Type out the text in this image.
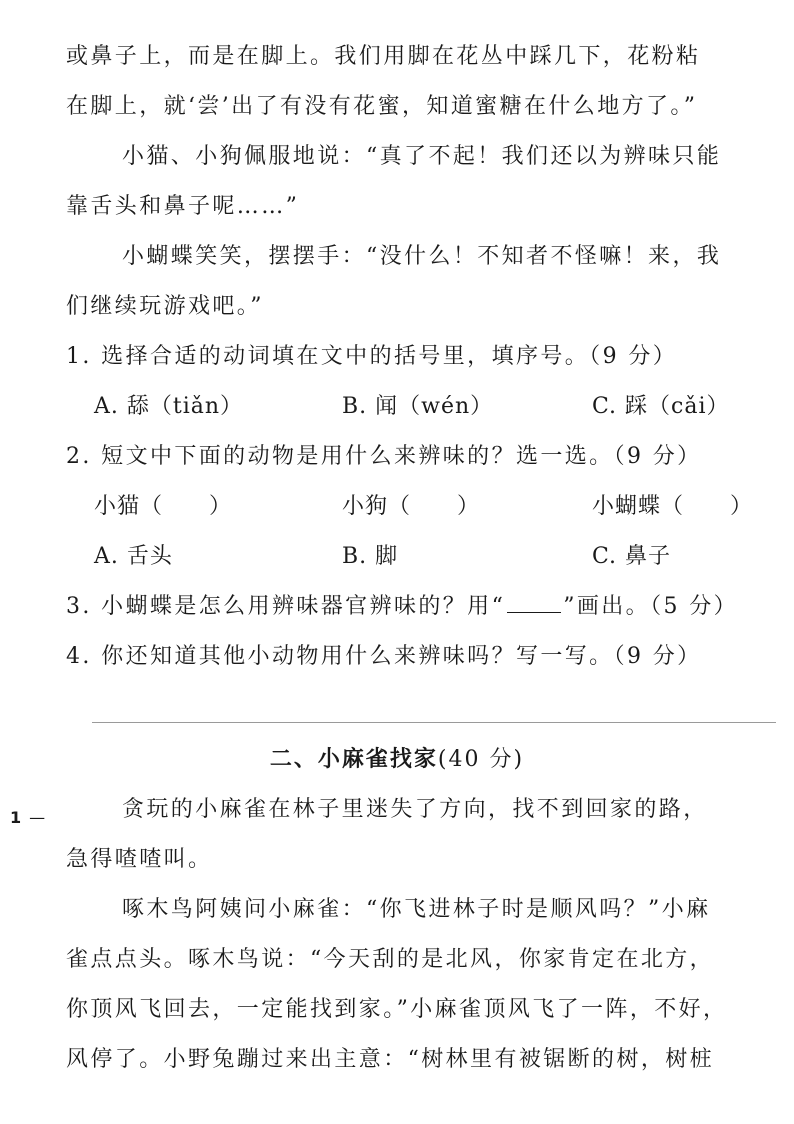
或鼻子上，而是在脚上。我们用脚在花丛中踩几下，花粉粘
在脚上，就‘尝’出了有没有花蜜，知道蜜糖在什么地方了。”
小猫、小狗佩服地说：“真了不起！我们还以为辨味只能
靠舌头和鼻子呢……”
小蝴蝶笑笑，摆摆手：“没什么！不知者不怪嘛！来，我
们继续玩游戏吧。”
1. 选择合适的动词填在文中的括号里，填序号。（9 分）
A. 舔（tiǎn）	B. 闻（wén）	C. 踩（cǎi）
2. 短文中下面的动物是用什么来辨味的？选一选。（9 分）
小猫（　　）	小狗（　　）	小蝴蝶（　　）
A. 舌头	B. 脚	C. 鼻子
3. 小蝴蝶是怎么用辨味器官辨味的？用“	”画出。（5 分）
4. 你还知道其他小动物用什么来辨味吗？写一写。（9 分）
二、小麻雀找家(40 分)
贪玩的小麻雀在林子里迷失了方向，找不到回家的路，
急得喳喳叫。
啄木鸟阿姨问小麻雀：“你飞进林子时是顺风吗？”小麻
雀点点头。啄木鸟说：“今天刮的是北风，你家肯定在北方，
你顶风飞回去，一定能找到家。”小麻雀顶风飞了一阵，不好，
风停了。小野兔蹦过来出主意：“树林里有被锯断的树，树桩
1 —
